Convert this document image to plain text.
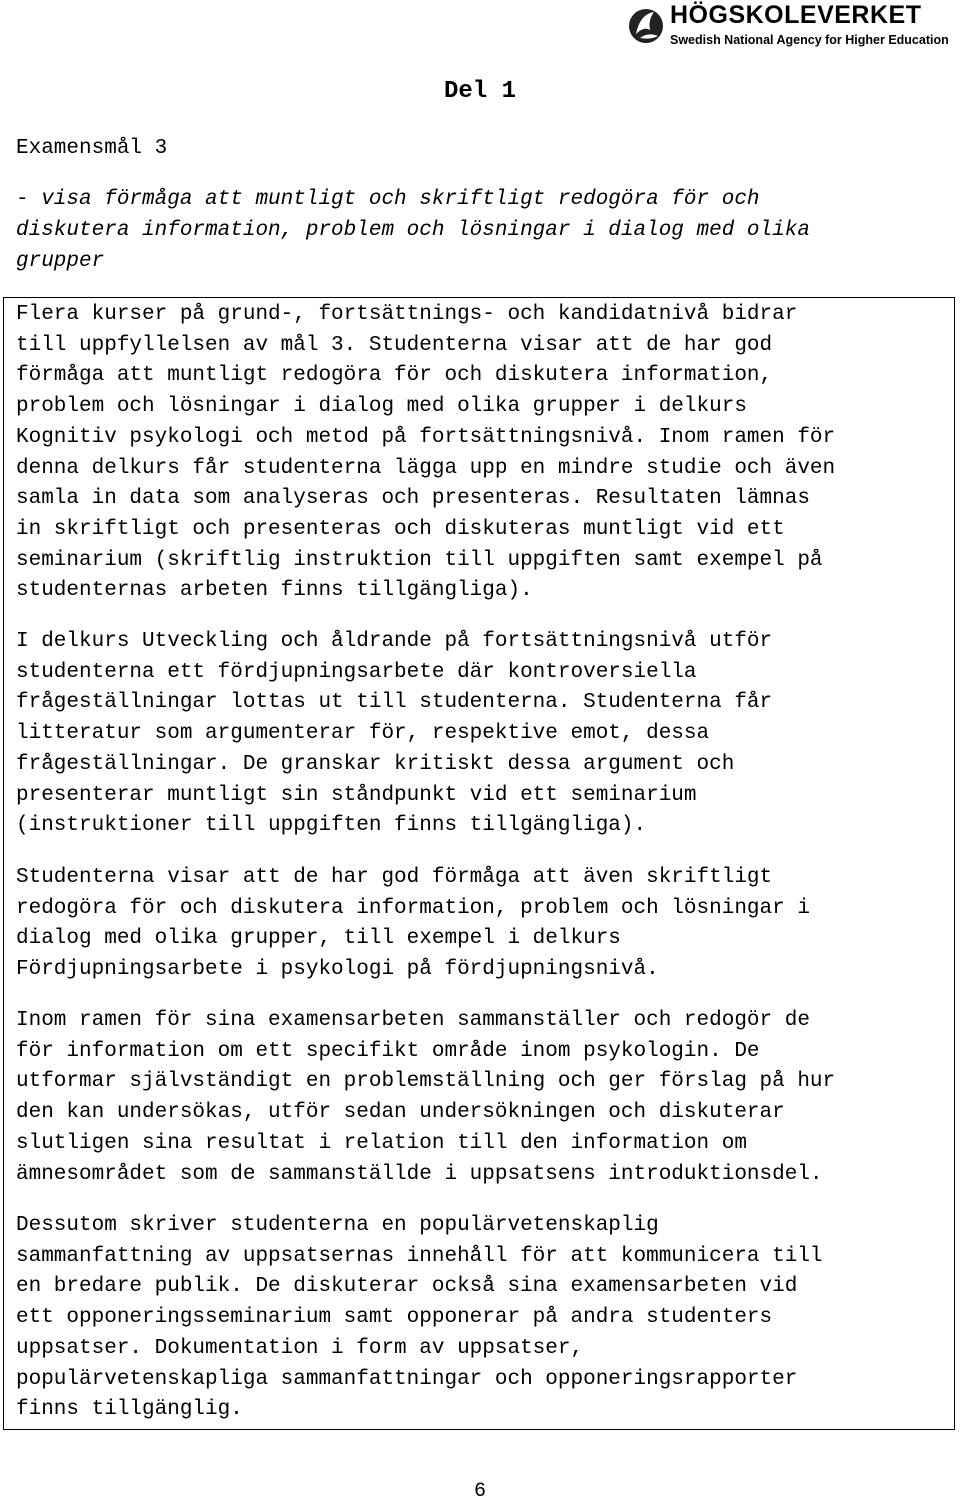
HÖGSKOLEVERKET
Swedish National Agency for Higher Education
Del 1
Examensmål 3
- visa förmåga att muntligt och skriftligt redogöra för och
diskutera information, problem och lösningar i dialog med olika
grupper

Flera kurser på grund-, fortsättnings- och kandidatnivå bidrar
till uppfyllelsen av mål 3. Studenterna visar att de har god
förmåga att muntligt redogöra för och diskutera information,
problem och lösningar i dialog med olika grupper i delkurs
Kognitiv psykologi och metod på fortsättningsnivå. Inom ramen för
denna delkurs får studenterna lägga upp en mindre studie och även
samla in data som analyseras och presenteras. Resultaten lämnas
in skriftligt och presenteras och diskuteras muntligt vid ett
seminarium (skriftlig instruktion till uppgiften samt exempel på
studenternas arbeten finns tillgängliga).

I delkurs Utveckling och åldrande på fortsättningsnivå utför
studenterna ett fördjupningsarbete där kontroversiella
frågeställningar lottas ut till studenterna. Studenterna får
litteratur som argumenterar för, respektive emot, dessa
frågeställningar. De granskar kritiskt dessa argument och
presenterar muntligt sin ståndpunkt vid ett seminarium
(instruktioner till uppgiften finns tillgängliga).

Studenterna visar att de har god förmåga att även skriftligt
redogöra för och diskutera information, problem och lösningar i
dialog med olika grupper, till exempel i delkurs
Fördjupningsarbete i psykologi på fördjupningsnivå.

Inom ramen för sina examensarbeten sammanställer och redogör de
för information om ett specifikt område inom psykologin. De
utformar självständigt en problemställning och ger förslag på hur
den kan undersökas, utför sedan undersökningen och diskuterar
slutligen sina resultat i relation till den information om
ämnesområdet som de sammanställde i uppsatsens introduktionsdel.

Dessutom skriver studenterna en populärvetenskaplig
sammanfattning av uppsatsernas innehåll för att kommunicera till
en bredare publik. De diskuterar också sina examensarbeten vid
ett opponeringsseminarium samt opponerar på andra studenters
uppsatser. Dokumentation i form av uppsatser,
populärvetenskapliga sammanfattningar och opponeringsrapporter
finns tillgänglig.

6
